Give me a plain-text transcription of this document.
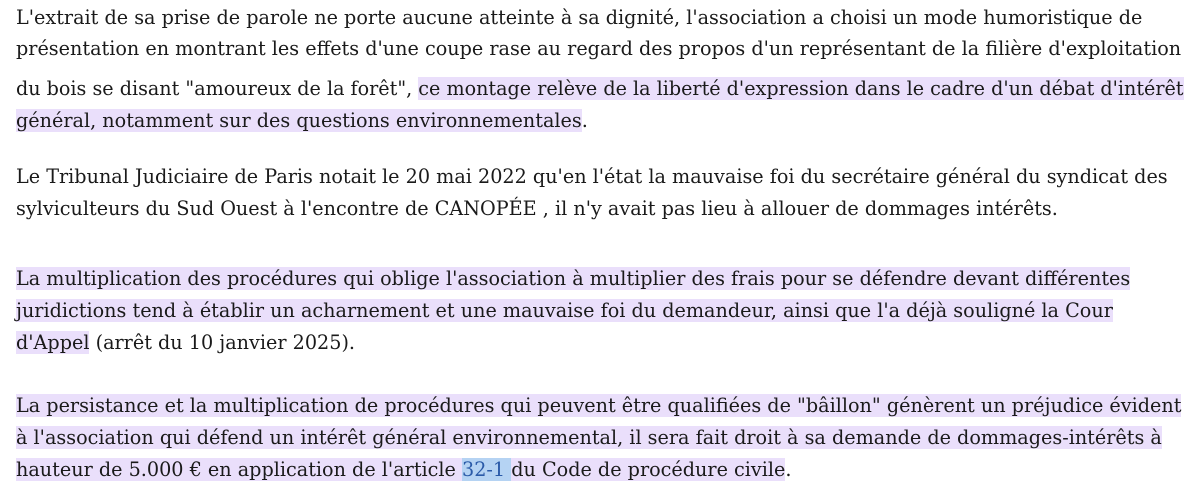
L'extrait de sa prise de parole ne porte aucune atteinte à sa dignité, l'association a choisi un mode humoristique de
présentation en montrant les effets d'une coupe rase au regard des propos d'un représentant de la filière d'exploitation
du bois se disant "amoureux de la forêt", ce montage relève de la liberté d'expression dans le cadre d'un débat d'intérêt
général, notamment sur des questions environnementales.
Le Tribunal Judiciaire de Paris notait le 20 mai 2022 qu'en l'état la mauvaise foi du secrétaire général du syndicat des
sylviculteurs du Sud Ouest à l'encontre de CANOPÉE , il n'y avait pas lieu à allouer de dommages intérêts.
La multiplication des procédures qui oblige l'association à multiplier des frais pour se défendre devant différentes
juridictions tend à établir un acharnement et une mauvaise foi du demandeur, ainsi que l'a déjà souligné la Cour
d'Appel (arrêt du 10 janvier 2025).
La persistance et la multiplication de procédures qui peuvent être qualifiées de "bâillon" génèrent un préjudice évident
à l'association qui défend un intérêt général environnemental, il sera fait droit à sa demande de dommages-intérêts à
hauteur de 5.000 € en application de l'article 32-1 du Code de procédure civile.
